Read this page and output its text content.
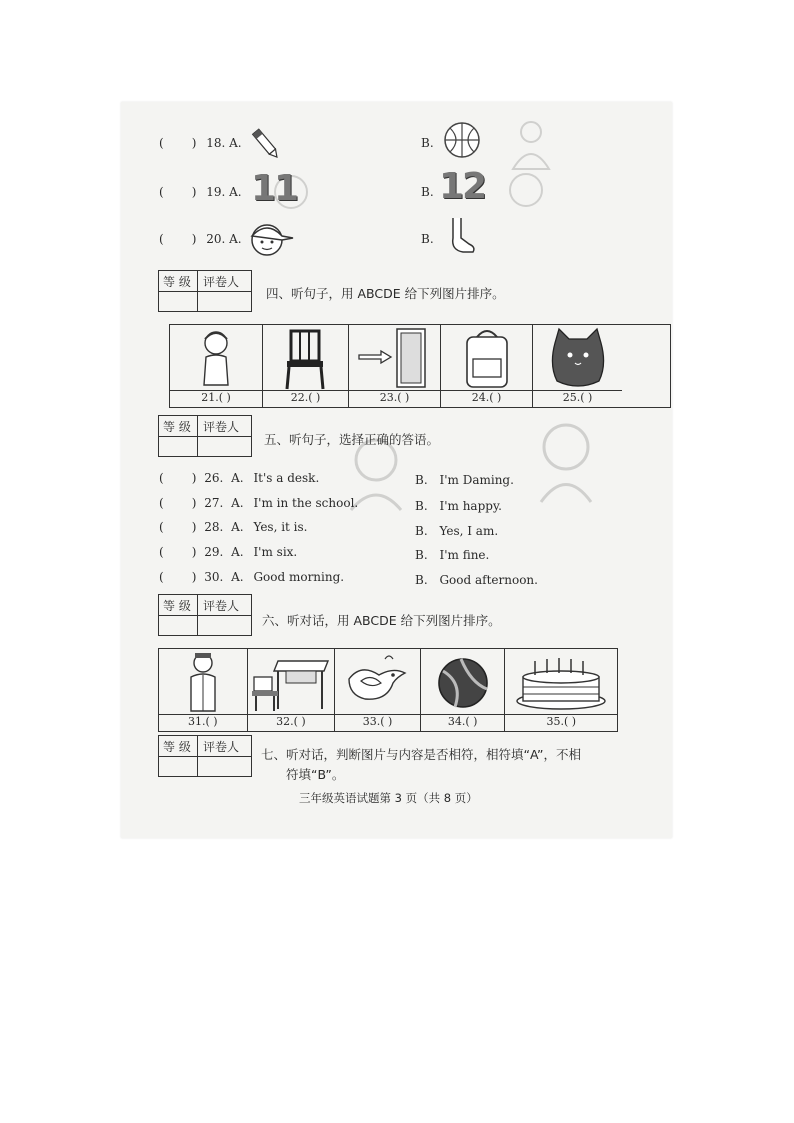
( ) 18. A.	B.
( ) 19. A. 11	B. 12
( ) 20. A.	B.
等 级 评卷人
四、听句子，用 ABCDE 给下列图片排序。
21.( )	22.( )	23.( )	24.( )	25.( )
等 级 评卷人
五、听句子，选择正确的答语。
( ) 26. A. It's a desk.	B. I'm Daming.
( ) 27. A. I'm in the school.	B. I'm happy.
( ) 28. A. Yes, it is.	B. Yes, I am.
( ) 29. A. I'm six.	B. I'm fine.
( ) 30. A. Good morning.	B. Good afternoon.
等 级 评卷人
六、听对话，用 ABCDE 给下列图片排序。
31.( )	32.( )	33.( )	34.( )	35.( )
等 级 评卷人 七、听对话，判断图片与内容是否相符，相符填“A”，不相
符填“B”。
三年级英语试题第 3 页（共 8 页）
